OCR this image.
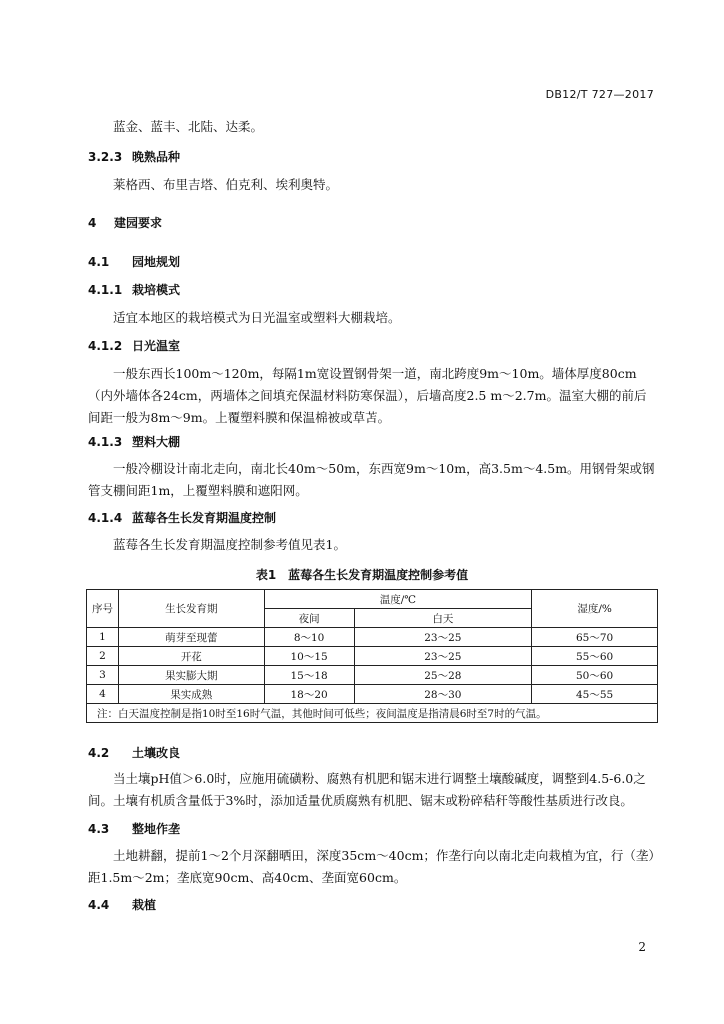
DB12/T 727—2017

蓝金、蓝丰、北陆、达柔。

3.2.3 晚熟品种

莱格西、布里吉塔、伯克利、埃利奥特。

4 建园要求
4.1 园地规划
4.1.1 栽培模式

适宜本地区的栽培模式为日光温室或塑料大棚栽培。

4.1.2 日光温室

一般东西长100m～120m，每隔1m宽设置钢骨架一道，南北跨度9m～10m。墙体厚度80cm（内外墙体各24cm，两墙体之间填充保温材料防寒保温），后墙高度2.5 m～2.7m。温室大棚的前后间距一般为8m～9m。上覆塑料膜和保温棉被或草苫。

4.1.3 塑料大棚

一般冷棚设计南北走向，南北长40m～50m，东西宽9m～10m，高3.5m～4.5m。用钢骨架或钢管支棚间距1m，上覆塑料膜和遮阳网。

4.1.4 蓝莓各生长发育期温度控制

蓝莓各生长发育期温度控制参考值见表1。

表1　蓝莓各生长发育期温度控制参考值
序号	生长发育期	温度/℃		湿度/%
		夜间	白天	
1	萌芽至现蕾	8～10	23～25	65～70
2	开花	10～15	23～25	55～60
3	果实膨大期	15～18	25～28	50～60
4	果实成熟	18～20	28～30	45～55
注：白天温度控制是指10时至16时气温，其他时间可低些；夜间温度是指清晨6时至7时的气温。				
4.2 土壤改良

当土壤pH值＞6.0时，应施用硫磺粉、腐熟有机肥和锯末进行调整土壤酸碱度，调整到4.5-6.0之间。土壤有机质含量低于3%时，添加适量优质腐熟有机肥、锯末或粉碎秸秆等酸性基质进行改良。

4.3 整地作垄

土地耕翻，提前1～2个月深翻晒田，深度35cm～40cm；作垄行向以南北走向栽植为宜，行（垄）距1.5m～2m；垄底宽90cm、高40cm、垄面宽60cm。

4.4 栽植
2
